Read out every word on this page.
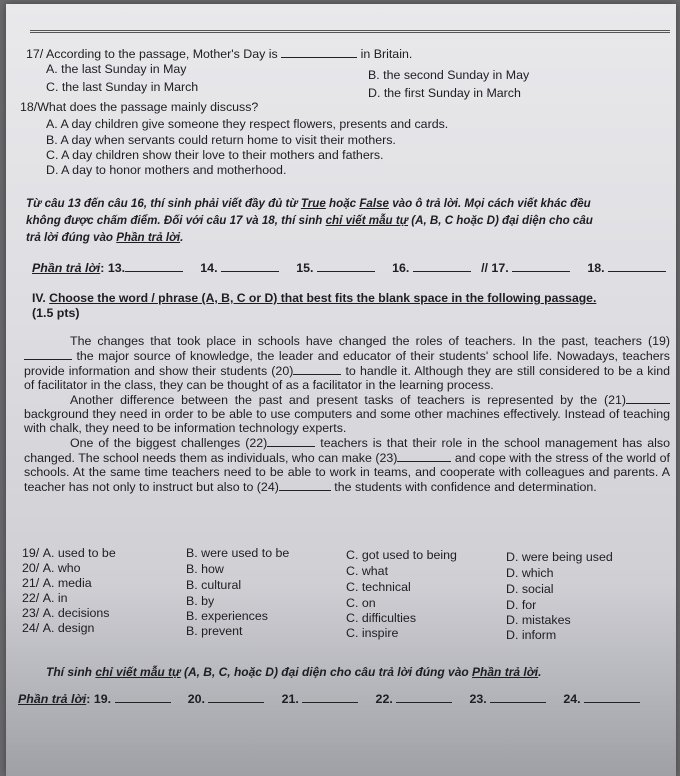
17/ According to the passage, Mother's Day is	in Britain.
A. the last Sunday in May	B. the second Sunday in May
C. the last Sunday in March	D. the first Sunday in March
18/What does the passage mainly discuss?
A. A day children give someone they respect flowers, presents and cards.
B. A day when servants could return home to visit their mothers.
C. A day children show their love to their mothers and fathers.
D. A day to honor mothers and motherhood.
Từ câu 13 đến câu 16, thí sinh phải viết đầy đủ từ True hoặc False vào ô trả lời. Mọi cách viết khác đều
không được chấm điểm. Đối với câu 17 và 18, thí sinh chỉ viết mẫu tự (A, B, C hoặc D) đại diện cho câu
trả lời đúng vào Phần trả lời.
Phần trả lời: 13.	14.	15.	16.	// 17.	18.
IV. Choose the word / phrase (A, B, C or D) that best fits the blank space in the following passage.
(1.5 pts)

The changes that took place in schools have changed the roles of teachers. In the past, teachers (19) the major source of knowledge, the leader and educator of their students' school life. Nowadays, teachers provide information and show their students (20)	to handle it. Although they are still considered to be a kind of facilitator in the class, they can be thought of as a facilitator in the learning process.

Another difference between the past and present tasks of teachers is represented by the (21) background they need in order to be able to use computers and some other machines effectively. Instead of teaching with chalk, they need to be information technology experts.

One of the biggest challenges (22)	teachers is that their role in the school management has also changed. The school needs them as individuals, who can make (23)	and cope with the stress of the world of schools. At the same time teachers need to be able to work in teams, and cooperate with colleagues and parents. A teacher has not only to instruct but also to (24)	the students with confidence and determination.

19/ A. used to be	B. were used to be	C. got used to being	D. were being used
20/ A. who	B. how	C. what	D. which
21/ A. media	B. cultural	C. technical	D. social
22/ A. in	B. by	C. on	D. for
23/ A. decisions	B. experiences	C. difficulties	D. mistakes
24/ A. design	B. prevent	C. inspire	D. inform
Thí sinh chỉ viết mẫu tự (A, B, C, hoặc D) đại diện cho câu trả lời đúng vào Phần trả lời.
Phần trả lời: 19.	20.	21.	22.	23.	24.
